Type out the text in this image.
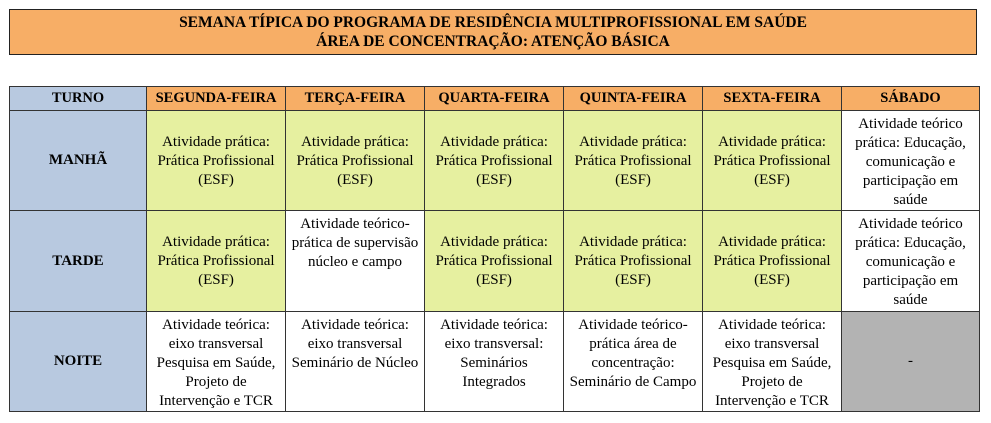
SEMANA TÍPICA DO PROGRAMA DE RESIDÊNCIA MULTIPROFISSIONAL EM SAÚDE
ÁREA DE CONCENTRAÇÃO: ATENÇÃO BÁSICA
TURNO	SEGUNDA-FEIRA	TERÇA-FEIRA	QUARTA-FEIRA	QUINTA-FEIRA	SEXTA-FEIRA	SÁBADO
MANHÃ	Atividade prática: Prática Profissional (ESF)	Atividade prática: Prática Profissional (ESF)	Atividade prática: Prática Profissional (ESF)	Atividade prática: Prática Profissional (ESF)	Atividade prática: Prática Profissional (ESF)	Atividade teórico prática: Educação, comunicação e participação em saúde
TARDE	Atividade prática: Prática Profissional (ESF)	Atividade teórico-prática de supervisão núcleo e campo	Atividade prática: Prática Profissional (ESF)	Atividade prática: Prática Profissional (ESF)	Atividade prática: Prática Profissional (ESF)	Atividade teórico prática: Educação, comunicação e participação em saúde
NOITE	Atividade teórica: eixo transversal Pesquisa em Saúde, Projeto de Intervenção e TCR	Atividade teórica: eixo transversal Seminário de Núcleo	Atividade teórica: eixo transversal: Seminários Integrados	Atividade teórico-prática área de concentração: Seminário de Campo	Atividade teórica: eixo transversal Pesquisa em Saúde, Projeto de Intervenção e TCR	-
